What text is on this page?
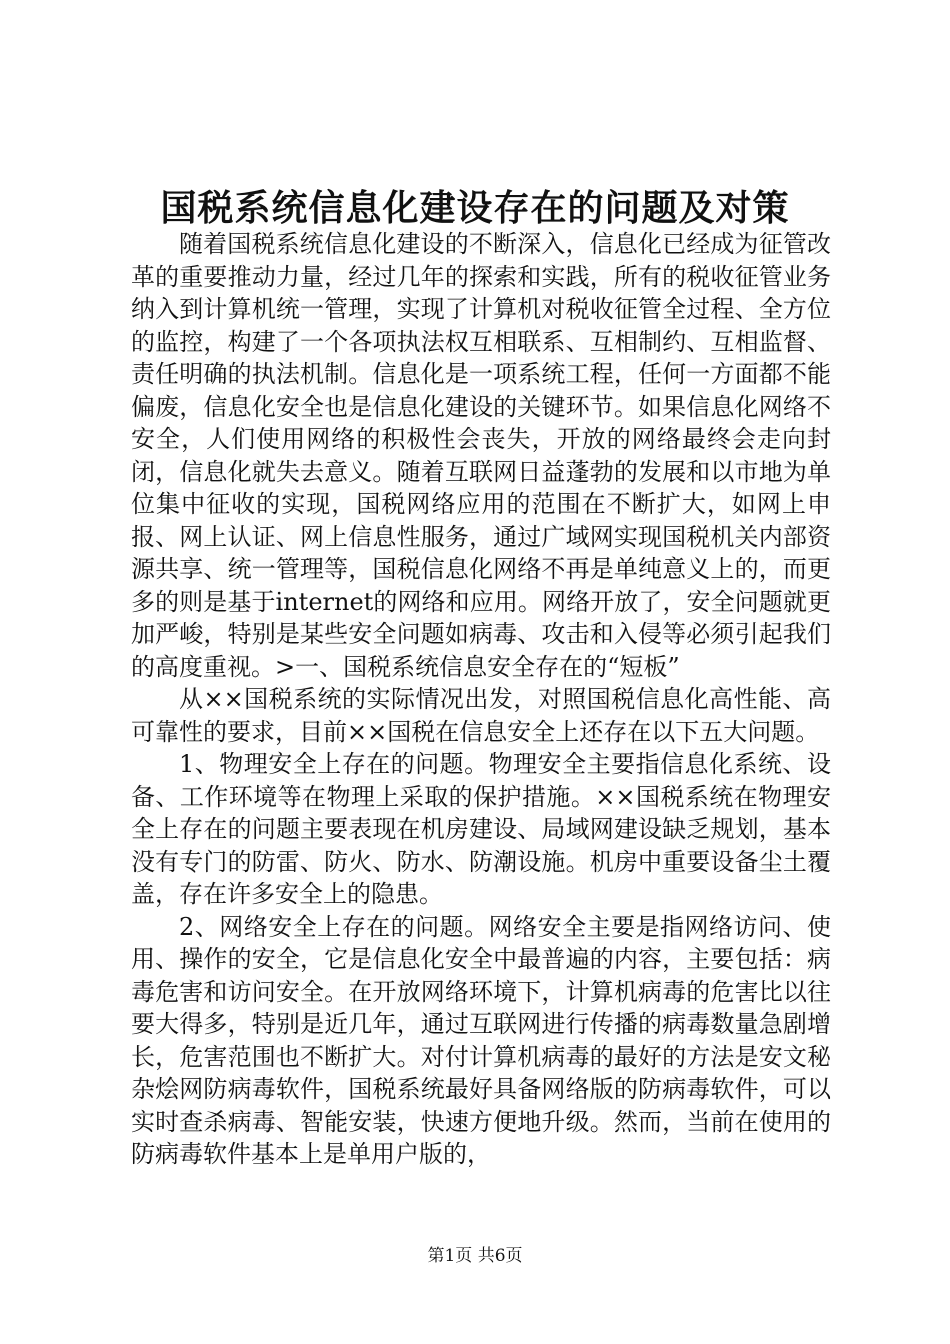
国税系统信息化建设存在的问题及对策

随着国税系统信息化建设的不断深入，信息化已经成为征管改革的重要推动力量，经过几年的探索和实践，所有的税收征管业务纳入到计算机统一管理，实现了计算机对税收征管全过程、全方位的监控，构建了一个各项执法权互相联系、互相制约、互相监督、责任明确的执法机制。信息化是一项系统工程，任何一方面都不能偏废，信息化安全也是信息化建设的关键环节。如果信息化网络不安全，人们使用网络的积极性会丧失，开放的网络最终会走向封闭，信息化就失去意义。随着互联网日益蓬勃的发展和以市地为单位集中征收的实现，国税网络应用的范围在不断扩大，如网上申报、网上认证、网上信息性服务，通过广域网实现国税机关内部资源共享、统一管理等，国税信息化网络不再是单纯意义上的，而更多的则是基于internet的网络和应用。网络开放了，安全问题就更加严峻，特别是某些安全问题如病毒、攻击和入侵等必须引起我们的高度重视。>一、国税系统信息安全存在的“短板”

从××国税系统的实际情况出发，对照国税信息化高性能、高可靠性的要求，目前××国税在信息安全上还存在以下五大问题。

1、物理安全上存在的问题。物理安全主要指信息化系统、设备、工作环境等在物理上采取的保护措施。××国税系统在物理安全上存在的问题主要表现在机房建设、局域网建设缺乏规划，基本没有专门的防雷、防火、防水、防潮设施。机房中重要设备尘土覆盖，存在许多安全上的隐患。

2、网络安全上存在的问题。网络安全主要是指网络访问、使用、操作的安全，它是信息化安全中最普遍的内容，主要包括：病毒危害和访问安全。在开放网络环境下，计算机病毒的危害比以往要大得多，特别是近几年，通过互联网进行传播的病毒数量急剧增长，危害范围也不断扩大。对付计算机病毒的最好的方法是安文秘杂烩网防病毒软件，国税系统最好具备网络版的防病毒软件，可以实时查杀病毒、智能安装，快速方便地升级。然而，当前在使用的防病毒软件基本上是单用户版的，

第1页 共6页
